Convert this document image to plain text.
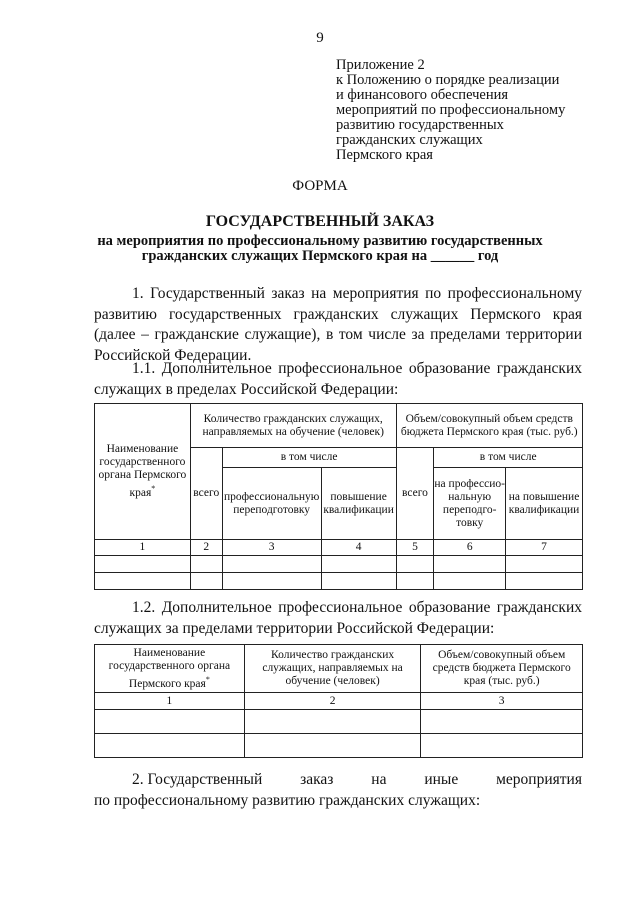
9
Приложение 2
к Положению о порядке реализации
и финансового обеспечения
мероприятий по профессиональному
развитию государственных
гражданских служащих
Пермского края
ФОРМА
ГОСУДАРСТВЕННЫЙ ЗАКАЗ
на мероприятия по профессиональному развитию государственных
гражданских служащих Пермского края на ______ год
1. Государственный заказ на мероприятия по профессиональному развитию государственных гражданских служащих Пермского края (далее – гражданские служащие), в том числе за пределами территории Российской Федерации.
1.1. Дополнительное профессиональное образование гражданских служащих в пределах Российской Федерации:
Наименование государственного органа Пермского края*	Количество гражданских служащих, направляемых на обучение (человек)			Объем/совокупный объем средств бюджета Пермского края (тыс. руб.)		
	всего	в том числе		всего	в том числе	
		профессиональную переподготовку	повышение квалификации		на профессио-нальную переподго-товку	на повышение квалификации
1	2	3	4	5	6	7

1.2. Дополнительное профессиональное образование гражданских служащих за пределами территории Российской Федерации:
Наименование государственного органа Пермского края*	Количество гражданских служащих, направляемых на обучение (человек)	Объем/совокупный объем средств бюджета Пермского края (тыс. руб.)
1	2	3

2. Государственный заказ на иные мероприятия
по профессиональному развитию гражданских служащих:
